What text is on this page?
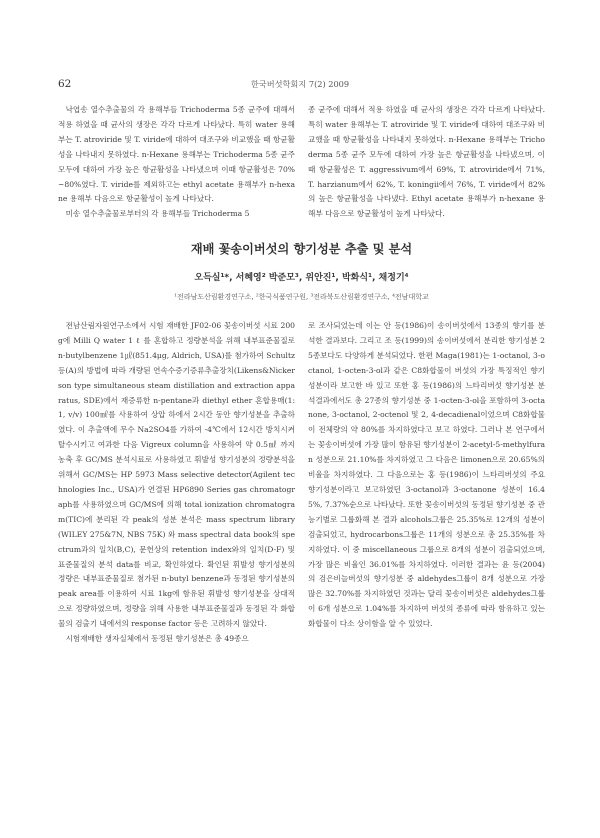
62	한국버섯학회지 7(2) 2009

낙엽송 열수추출물의 각 용해부들 Trichoderma 5종 균주에 대해서 적용 하였을 때 균사의 생장은 각각 다르게 나타났다. 특히 water 용해부는 T. atroviride 및 T. viride에 대하여 대조구와 비교했을 때 항균활성을 나타내지 못하였다. n-Hexane 용해부는 Trichoderma 5종 균주 모두에 대하여 가장 높은 항균활성을 나타냈으며 이때 항균활성은 70%~80%였다. T. viride를 제외하고는 ethyl acetate 용해부가 n-hexane 용해부 다음으로 항균활성이 높게 나타났다.

미송 열수추출물로부터의 각 용해부들 Trichoderma 5

종 균주에 대해서 적용 하였을 때 균사의 생장은 각각 다르게 나타났다. 특히 water 용해부는 T. atroviride 및 T. viride에 대하여 대조구와 비교했을 때 항균활성을 나타내지 못하였다. n-Hexane 용해부는 Trichoderma 5종 균주 모두에 대하여 가장 높은 항균활성을 나타냈으며, 이때 항균활성은 T. aggressivum에서 69%, T. atroviride에서 71%, T. harzianum에서 62%, T. koningii에서 76%, T. viride에서 82%의 높은 항균활성을 나타냈다. Ethyl acetate 용해부가 n-hexane 용해부 다음으로 항균활성이 높게 나타났다.

재배 꽃송이버섯의 향기성분 추출 및 분석
오득실¹*, 서혜영² 박준모³, 위안진¹, 박화식¹, 채정기⁴
¹전라남도산림환경연구소, ²한국식품연구원, ³전라북도산림환경연구소, ⁴전남대학교

전남산림자원연구소에서 시험 재배한 JF02-06 꽃송이버섯 시료 200g에 Milli Q water 1 ℓ 를 혼합하고 정량분석을 위해 내부표준물질로 n-butylbenzene 1㎕(851.4μg, Aldrich, USA)를 첨가하여 Schultz 등(A)의 방법에 따라 개량된 연속수증기증류추출장치(Likens&Nickerson type simultaneous steam distillation and extraction apparatus, SDE)에서 재증류한 n-pentane과 diethyl ether 혼합용매(1:1, v/v) 100㎖를 사용하여 상압 하에서 2시간 동안 향기성분을 추출하였다. 이 추출액에 무수 Na2SO4를 가하여 -4℃에서 12시간 방치시켜 탈수시키고 여과한 다음 Vigreux column을 사용하여 약 0.5㎖ 까지 농축 후 GC/MS 분석시료로 사용하였고 휘발성 향기성분의 정량분석을 위해서 GC/MS는 HP 5973 Mass selective detector(Agilent technologies Inc., USA)가 연결된 HP6890 Series gas chromatograph를 사용하였으며 GC/MS에 의해 total ionization chromatogram(TIC)에 분리된 각 peak의 성분 분석은 mass spectrum library(WILEY 275&7N, NBS 75K) 와 mass spectral data book의 spectrum과의 일치(B,C), 문헌상의 retention index와의 일치(D-F) 및 표준물질의 분석 data를 비교, 확인하였다. 확인된 휘발성 향기성분의 정량은 내부표준물질로 첨가된 n-butyl benzene과 동정된 향기성분의 peak area를 이용하여 시료 1kg에 함유된 휘발성 향기성분을 상대적으로 정량하였으며, 정량을 위해 사용한 내부표준물질과 동정된 각 화합물의 검출기 내에서의 response factor 등은 고려하지 않았다.

시험재배한 생자실체에서 동정된 향기성분은 총 49종으

로 조사되었는데 이는 안 등(1986)이 송이버섯에서 13종의 향기를 분석한 결과보다. 그리고 조 등(1999)의 송이버섯에서 분리한 향기성분 25종보다도 다양하게 분석되었다. 한편 Maga(1981)는 1-octanol, 3-octanol, 1-octen-3-ol과 같은 C8화합물이 버섯의 가장 특징적인 향기 성분이라 보고한 바 있고 또한 홍 등(1986)의 느타리버섯 향기성분 분석결과에서도 총 27종의 향기성분 중 1-octen-3-ol을 포함하여 3-octanone, 3-octanol, 2-octenol 및 2, 4-decadienal이었으며 C8화합물이 전체량의 약 80%를 차지하였다고 보고 하였다. 그러나 본 연구에서는 꽃송이버섯에 가장 많이 함유된 향기성분이 2-acetyl-5-methylfuran 성분으로 21.10%를 차지하였고 그 다음은 limonen으로 20.65%의 비율을 차지하였다. 그 다음으로는 홍 등(1986)이 느타리버섯의 주요 향기성분이라고 보고하였던 3-octanol과 3-octanone 성분이 16.45%, 7.37%순으로 나타났다. 또한 꽃송이버섯의 동정된 향기성분 중 관능기별로 그룹화해 본 결과 alcohols그룹은 25.35%로 12개의 성분이 검출되었고, hydrocarbons그룹은 11개의 성분으로 총 25.35%를 차지하였다. 이 중 miscellaneous 그룹으로 8개의 성분이 검출되었으며, 가장 많은 비율인 36.01%를 차지하였다. 이러한 결과는 윤 등(2004)의 검은비늘버섯의 향기성분 중 aldehydes그룹이 8개 성분으로 가장 많은 32.70%를 차지하였던 것과는 달리 꽃송이버섯은 aldehydes그룹이 6개 성분으로 1.04%를 차지하여 버섯의 종류에 따라 함유하고 있는 화합물이 다소 상이함을 알 수 있었다.
